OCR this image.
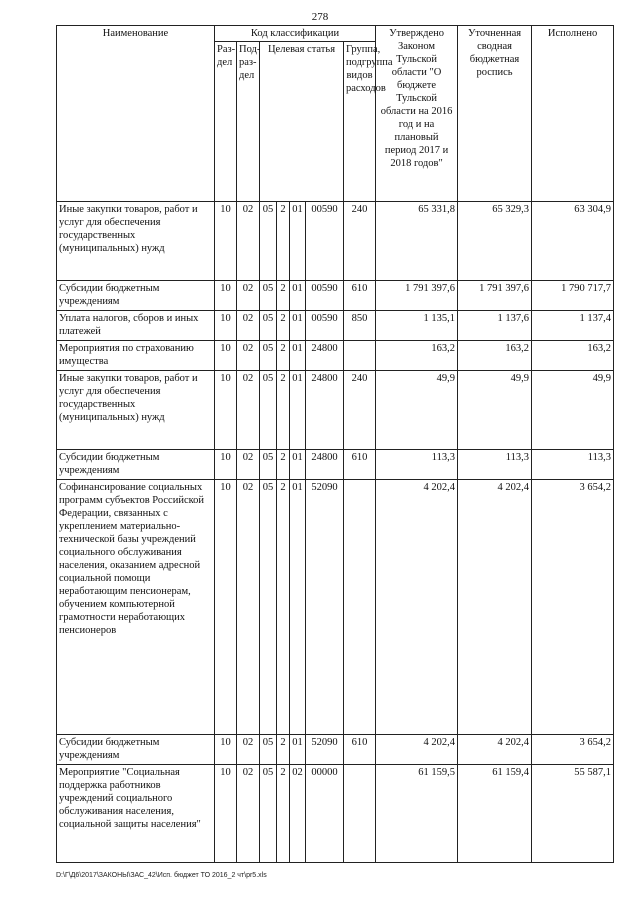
278
Наименование	Код классификации							Утверждено Законом Тульской области "О бюджете Тульской области на 2016 год и на плановый период 2017 и 2018 годов"	Уточненная сводная бюджетная роспись	Исполнено
	Раз-дел	Под-раз-дел	Целевая статья				Группа, подгруппа видов расходов			
Иные закупки товаров, работ и услуг для обеспечения государственных (муниципальных) нужд	10	02	05	2	01	00590	240	65 331,8	65 329,3	63 304,9
Субсидии бюджетным учреждениям	10	02	05	2	01	00590	610	1 791 397,6	1 791 397,6	1 790 717,7
Уплата налогов, сборов и иных платежей	10	02	05	2	01	00590	850	1 135,1	1 137,6	1 137,4
Мероприятия по страхованию имущества	10	02	05	2	01	24800		163,2	163,2	163,2
Иные закупки товаров, работ и услуг для обеспечения государственных (муниципальных) нужд	10	02	05	2	01	24800	240	49,9	49,9	49,9
Субсидии бюджетным учреждениям	10	02	05	2	01	24800	610	113,3	113,3	113,3
Софинансирование социальных программ субъектов Российской Федерации, связанных с укреплением материально-технической базы учреждений социального обслуживания населения, оказанием адресной социальной помощи неработающим пенсионерам, обучением компьютерной грамотности неработающих пенсионеров	10	02	05	2	01	52090		4 202,4	4 202,4	3 654,2
Субсидии бюджетным учреждениям	10	02	05	2	01	52090	610	4 202,4	4 202,4	3 654,2
Мероприятие "Социальная поддержка работников учреждений социального обслуживания населения, социальной защиты населения"	10	02	05	2	02	00000		61 159,5	61 159,4	55 587,1
D:\Г\Д6\2017\ЗАКОНЫ\ЗАС_42\Исп. бюджет ТО 2016_2 чт\pr5.xls
